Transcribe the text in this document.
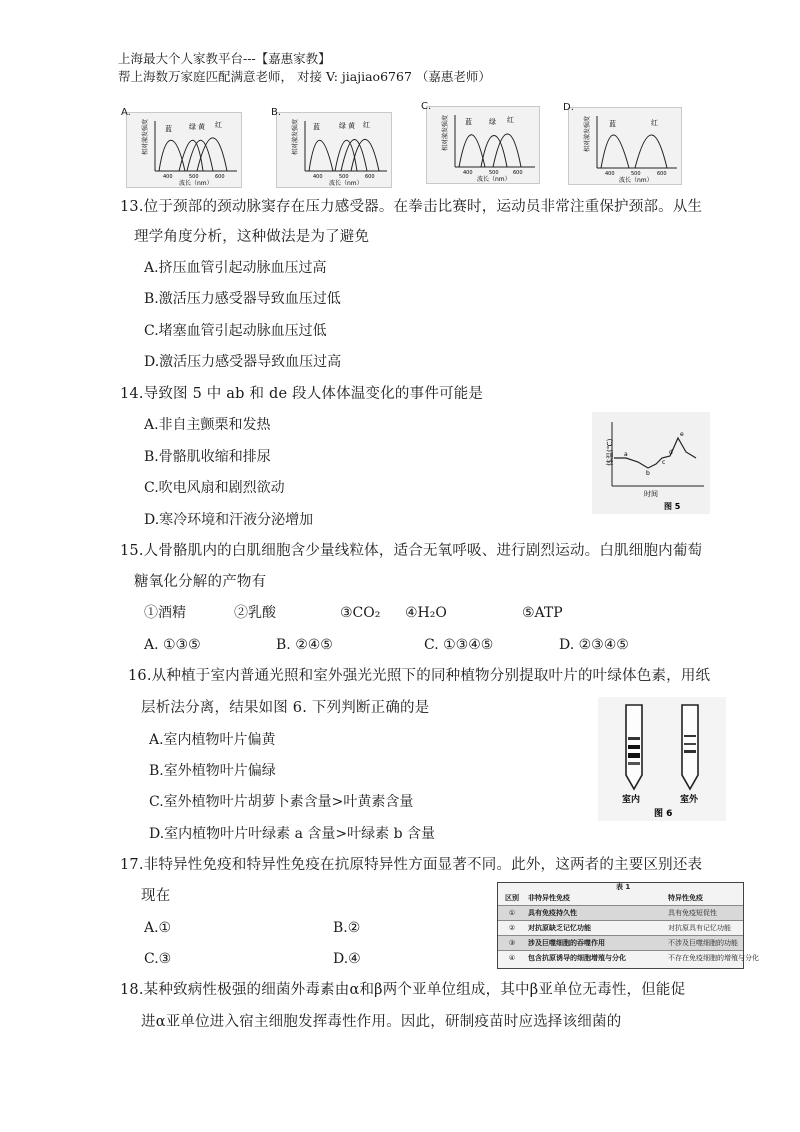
上海最大个人家教平台---【嘉惠家教】
帮上海数万家庭匹配满意老师， 对接 V: jiajiao6767 （嘉惠老师）
A.
相对激发强度 蓝 绿 黄 红
400	500	600
波长（nm）
B.
相对激发强度 蓝	绿 黄 红
400	500	600
波长（nm）
C.
相对激发强度 蓝 绿 红
400	500	600
波长（nm）
D.
相对激发强度	蓝	红
400	500	600
波长（nm）
13.位于颈部的颈动脉窦存在压力感受器。在拳击比赛时，运动员非常注重保护颈部。从生
理学角度分析，这种做法是为了避免
A.挤压血管引起动脉血压过高
B.激活压力感受器导致血压过低
C.堵塞血管引起动脉血压过低
D.激活压力感受器导致血压过高
14.导致图 5 中 ab 和 de 段人体体温变化的事件可能是
A.非自主颤栗和发热
B.骨骼肌收缩和排尿
C.吹电风扇和剧烈欲动
D.寒冷环境和汗液分泌增加
体温(℃) a
b
c
d
e
时间
图 5
15.人骨骼肌内的白肌细胞含少量线粒体，适合无氧呼吸、进行剧烈运动。白肌细胞内葡萄
糖氧化分解的产物有
①酒精	②乳酸	③CO₂ ④H₂O	⑤ATP
A. ①③⑤	B. ②④⑤	C. ①③④⑤	D. ②③④⑤
16.从种植于室内普通光照和室外强光光照下的同种植物分别提取叶片的叶绿体色素，用纸
层析法分离，结果如图 6. 下列判断正确的是
A.室内植物叶片偏黄
B.室外植物叶片偏绿
C.室外植物叶片胡萝卜素含量>叶黄素含量
D.室内植物叶片叶绿素 a 含量>叶绿素 b 含量
室内	室外
图 6
17.非特异性免疫和特异性免疫在抗原特异性方面显著不同。此外，这两者的主要区别还表
现在
A.①	B.②
C.③	D.④
表 1
区别 非特异性免疫	特异性免疫
①	具有免疫持久性	具有免疫短促性
②	对抗原缺乏记忆功能	对抗原具有记忆功能
③	涉及巨噬细胞的吞噬作用	不涉及巨噬细胞的功能
④	包含抗原诱导的细胞增殖与分化	不存在免疫细胞的增殖与分化
18.某种致病性极强的细菌外毒素由α和β两个亚单位组成，其中β亚单位无毒性，但能促
进α亚单位进入宿主细胞发挥毒性作用。因此，研制疫苗时应选择该细菌的
